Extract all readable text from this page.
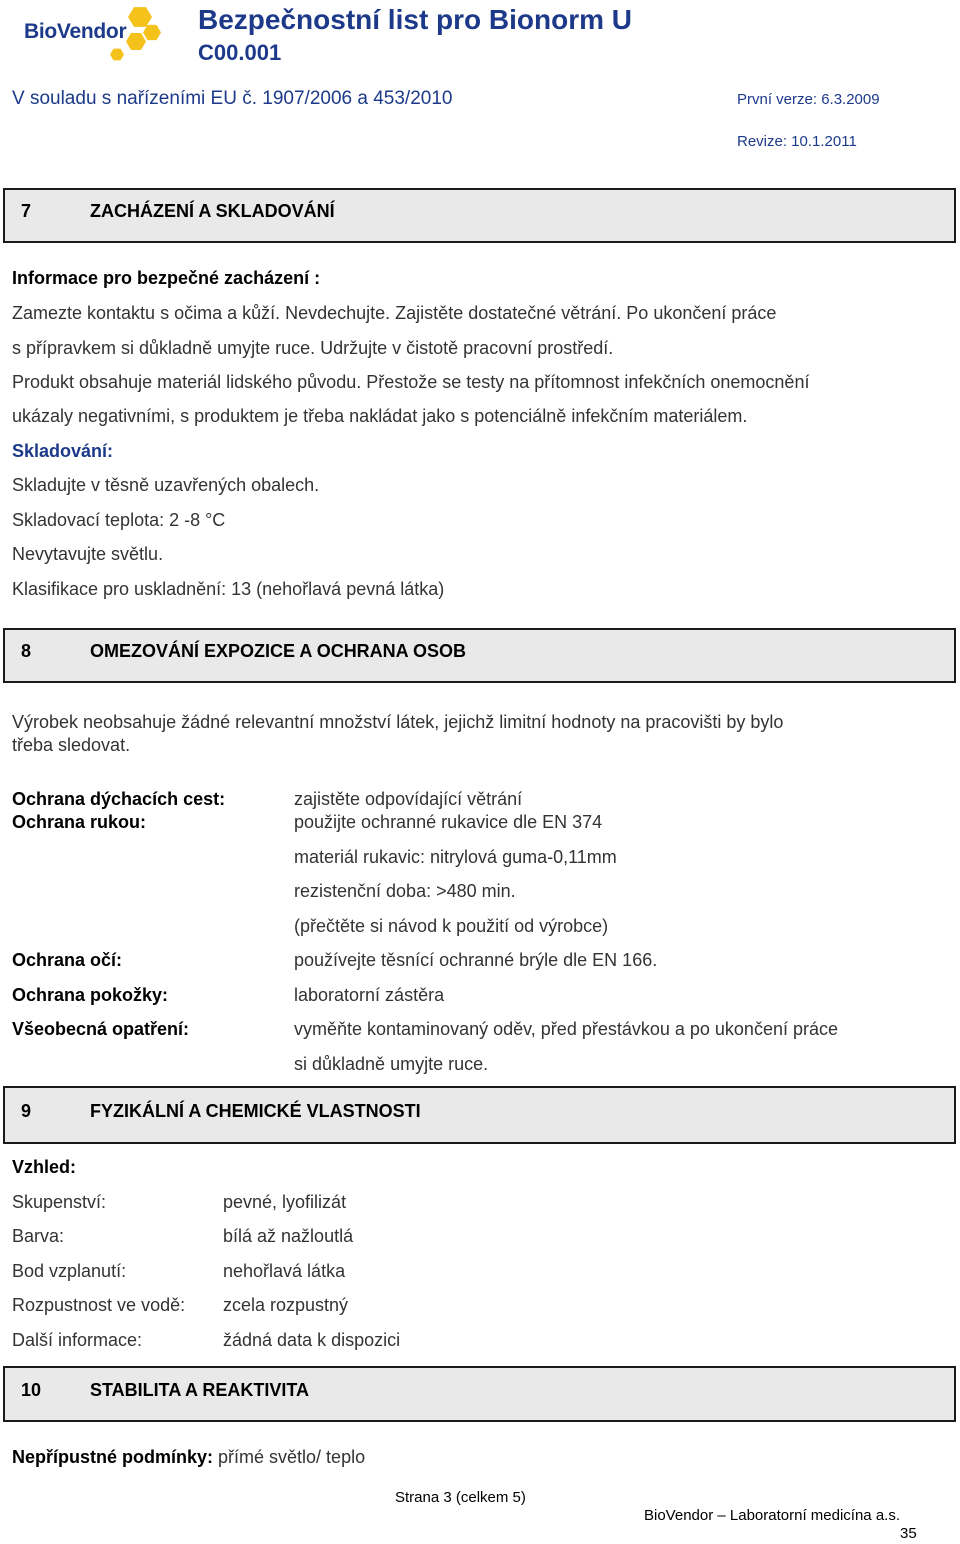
BioVendor	Bezpečnostní list pro Bionorm U
C00.001
V souladu s nařízeními EU č. 1907/2006 a 453/2010	První verze: 6.3.2009
Revize: 10.1.2011
7	ZACHÁZENÍ A SKLADOVÁNÍ
Informace pro bezpečné zacházení :
Zamezte kontaktu s očima a kůží. Nevdechujte. Zajistěte dostatečné větrání. Po ukončení práce
s přípravkem si důkladně umyjte ruce. Udržujte v čistotě pracovní prostředí.
Produkt obsahuje materiál lidského původu. Přestože se testy na přítomnost infekčních onemocnění
ukázaly negativními, s produktem je třeba nakládat jako s potenciálně infekčním materiálem.
Skladování:
Skladujte v těsně uzavřených obalech.
Skladovací teplota: 2 -8 °C
Nevytavujte světlu.
Klasifikace pro uskladnění: 13 (nehořlavá pevná látka)
8	OMEZOVÁNÍ EXPOZICE A OCHRANA OSOB
Výrobek neobsahuje žádné relevantní množství látek, jejichž limitní hodnoty na pracovišti by bylo
třeba sledovat.
Ochrana dýchacích cest:	zajistěte odpovídající větrání
Ochrana rukou:	použijte ochranné rukavice dle EN 374
materiál rukavic: nitrylová guma-0,11mm
rezistenční doba: >480 min.
(přečtěte si návod k použití od výrobce)
Ochrana očí:	používejte těsnící ochranné brýle dle EN 166.
Ochrana pokožky:	laboratorní zástěra
Všeobecná opatření:	vyměňte kontaminovaný oděv, před přestávkou a po ukončení práce
si důkladně umyjte ruce.
9	FYZIKÁLNÍ A CHEMICKÉ VLASTNOSTI
Vzhled:
Skupenství:	pevné, lyofilizát
Barva:	bílá až nažloutlá
Bod vzplanutí:	nehořlavá látka
Rozpustnost ve vodě: zcela rozpustný
Další informace:	žádná data k dispozici
10	STABILITA A REAKTIVITA
Nepřípustné podmínky: přímé světlo/ teplo
Strana 3 (celkem 5)
BioVendor – Laboratorní medicína a.s.
35
